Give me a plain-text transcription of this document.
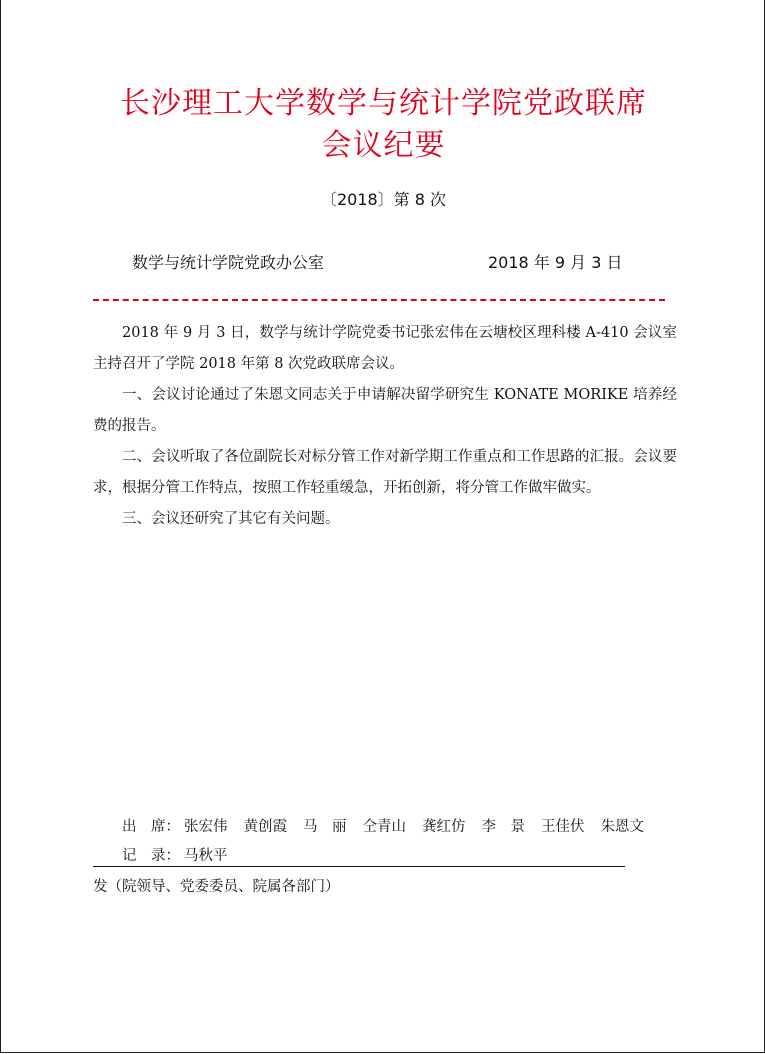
长沙理工大学数学与统计学院党政联席
会议纪要
〔2018〕第 8 次
数学与统计学院党政办公室	2018 年 9 月 3 日

2018 年 9 月 3 日，数学与统计学院党委书记张宏伟在云塘校区理科楼 A-410 会议室主持召开了学院 2018 年第 8 次党政联席会议。

一、会议讨论通过了朱恩文同志关于申请解决留学研究生 KONATE MORIKE 培养经费的报告。

二、会议听取了各位副院长对标分管工作对新学期工作重点和工作思路的汇报。会议要求，根据分管工作特点，按照工作轻重缓急，开拓创新，将分管工作做牢做实。

三、会议还研究了其它有关问题。

出　席： 张宏伟 黄创霞 马　丽 仝青山 龚红仿 李　景 王佳伏 朱恩文
记　录： 马秋平
发（院领导、党委委员、院属各部门）
